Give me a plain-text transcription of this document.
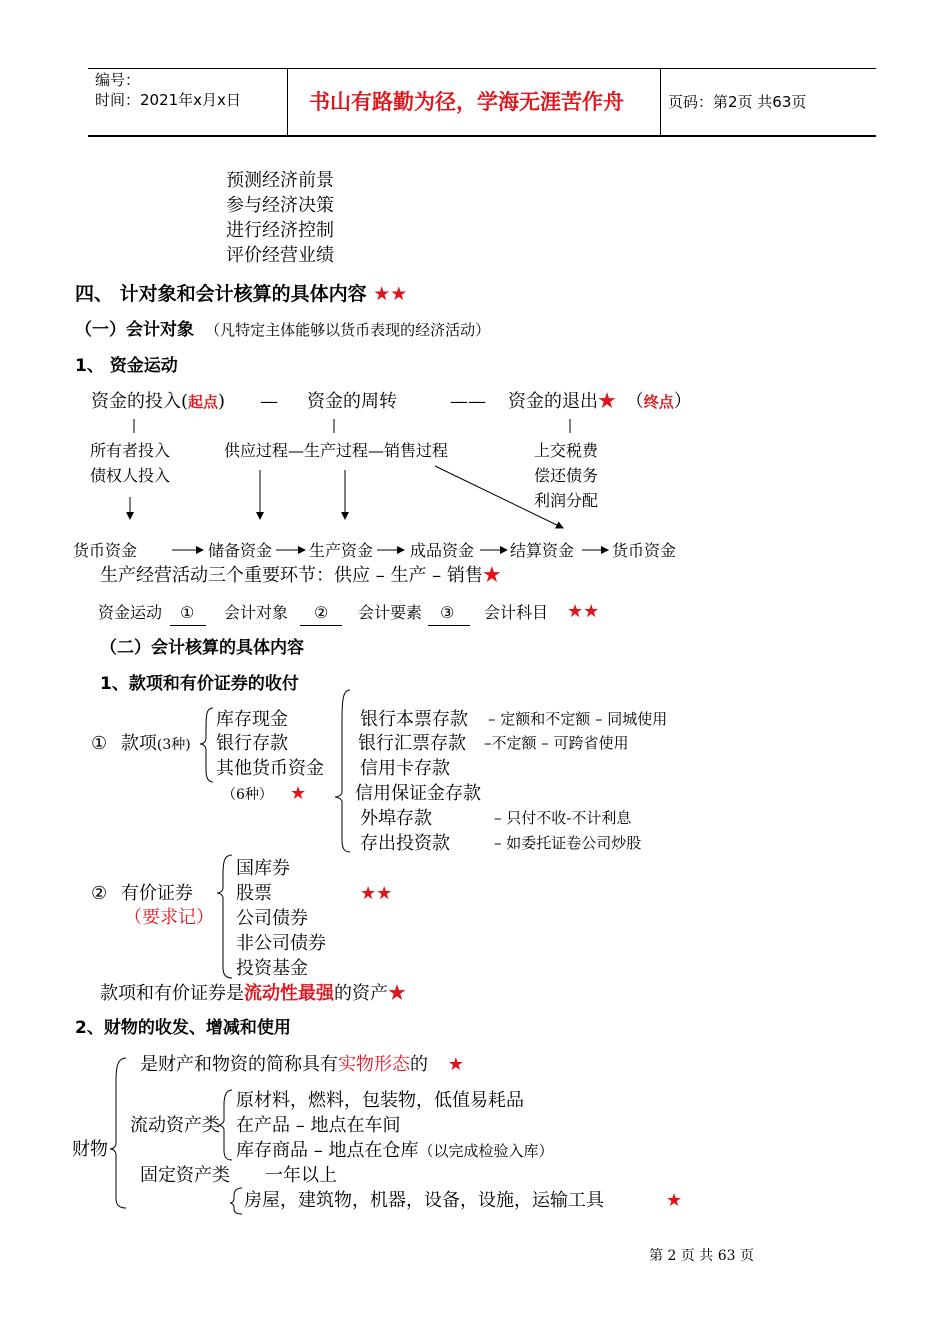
编号：
时间：2021年x月x日	书山有路勤为径，学海无涯苦作舟	页码：第2页 共63页
预测经济前景
参与经济决策
进行经济控制
评价经营业绩
四、 计对象和会计核算的具体内容 ★★
（一）会计对象 （凡特定主体能够以货币表现的经济活动）
1、 资金运动
资金的投入(起点) — 资金的周转	—— 资金的退出★ （终点）
所有者投入
债权人投入
供应过程—生产过程—销售过程	上交税费
偿还债务
利润分配
货币资金	储备资金 生产资金 成品资金 结算资金 货币资金
生产经营活动三个重要环节：供应 – 生产 – 销售★
资金运动 ① 会计对象 ② 会计要素 ③ 会计科目 ★★
（二）会计核算的具体内容
1、款项和有价证券的收付
① 款项(3种)
库存现金
银行存款
其他货币资金
（6种） ★
银行本票存款 – 定额和不定额 – 同城使用
银行汇票存款 –不定额 – 可跨省使用
信用卡存款
信用保证金存款
外埠存款	– 只付不收-不计利息
存出投资款	– 如委托证卷公司炒股
② 有价证券
（要求记）
国库券
股票
公司债券
非公司债券
投资基金
★★
款项和有价证券是流动性最强的资产★
2、财物的收发、增减和使用
是财产和物资的简称具有实物形态的 ★
财物
流动资产类
原材料，燃料，包装物，低值易耗品
在产品 – 地点在车间
库存商品 – 地点在仓库（以完成检验入库）
固定资产类 一年以上
房屋，建筑物，机器，设备，设施，运输工具	★
第 2 页 共 63 页
